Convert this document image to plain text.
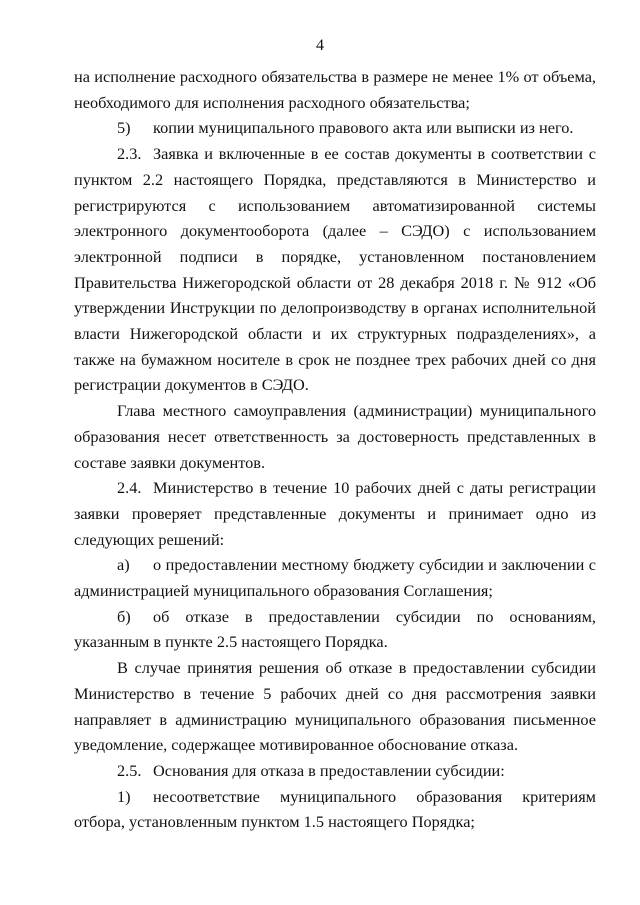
4

на исполнение расходного обязательства в размере не менее 1% от объема, необходимого для исполнения расходного обязательства;

5) копии муниципального правового акта или выписки из него.

2.3. Заявка и включенные в ее состав документы в соответствии с пунктом 2.2 настоящего Порядка, представляются в Министерство и регистрируются с использованием автоматизированной системы электронного документооборота (далее – СЭДО) с использованием электронной подписи в порядке, установленном постановлением Правительства Нижегородской области от 28 декабря 2018 г. № 912 «Об утверждении Инструкции по делопроизводству в органах исполнительной власти Нижегородской области и их структурных подразделениях», а также на бумажном носителе в срок не позднее трех рабочих дней со дня регистрации документов в СЭДО.

Глава местного самоуправления (администрации) муниципального образования несет ответственность за достоверность представленных в составе заявки документов.

2.4. Министерство в течение 10 рабочих дней с даты регистрации заявки проверяет представленные документы и принимает одно из следующих решений:

а) о предоставлении местному бюджету субсидии и заключении с администрацией муниципального образования Соглашения;

б) об отказе в предоставлении субсидии по основаниям, указанным в пункте 2.5 настоящего Порядка.

В случае принятия решения об отказе в предоставлении субсидии Министерство в течение 5 рабочих дней со дня рассмотрения заявки направляет в администрацию муниципального образования письменное уведомление, содержащее мотивированное обоснование отказа.

2.5. Основания для отказа в предоставлении субсидии:

1) несоответствие муниципального образования критериям отбора, установленным пунктом 1.5 настоящего Порядка;
